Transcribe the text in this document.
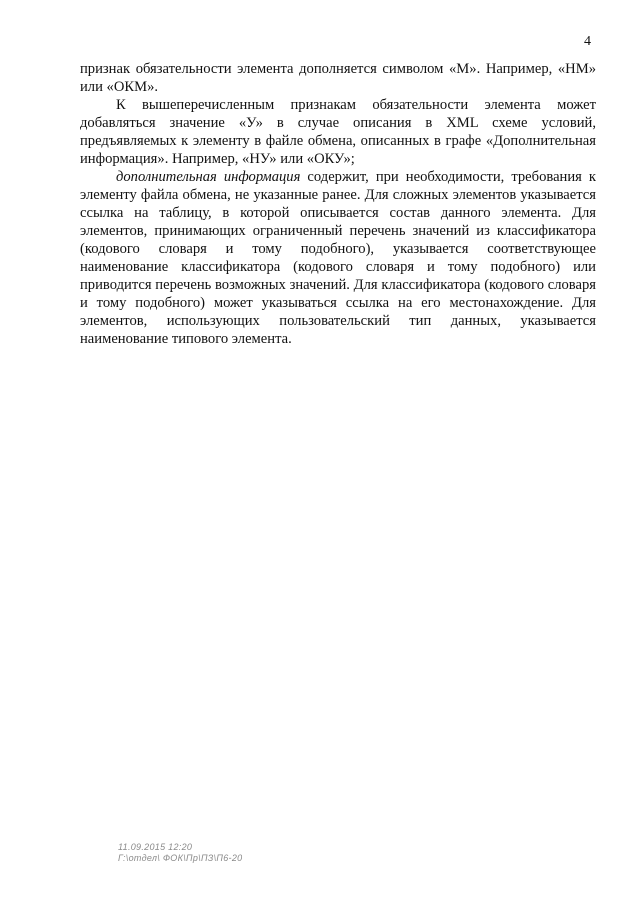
4

признак обязательности элемента дополняется символом «М». Например, «НМ» или «ОКМ».

К вышеперечисленным признакам обязательности элемента может добавляться значение «У» в случае описания в XML схеме условий, предъявляемых к элементу в файле обмена, описанных в графе «Дополнительная информация». Например, «НУ» или «ОКУ»;

дополнительная информация содержит, при необходимости, требования к элементу файла обмена, не указанные ранее. Для сложных элементов указывается ссылка на таблицу, в которой описывается состав данного элемента. Для элементов, принимающих ограниченный перечень значений из классификатора (кодового словаря и тому подобного), указывается соответствующее наименование классификатора (кодового словаря и тому подобного) или приводится перечень возможных значений. Для классификатора (кодового словаря и тому подобного) может указываться ссылка на его местонахождение. Для элементов, использующих пользовательский тип данных, указывается наименование типового элемента.

11.09.2015 12:20
Г:\отдел\ ФОК\Пр\ПЗ\П6-20
